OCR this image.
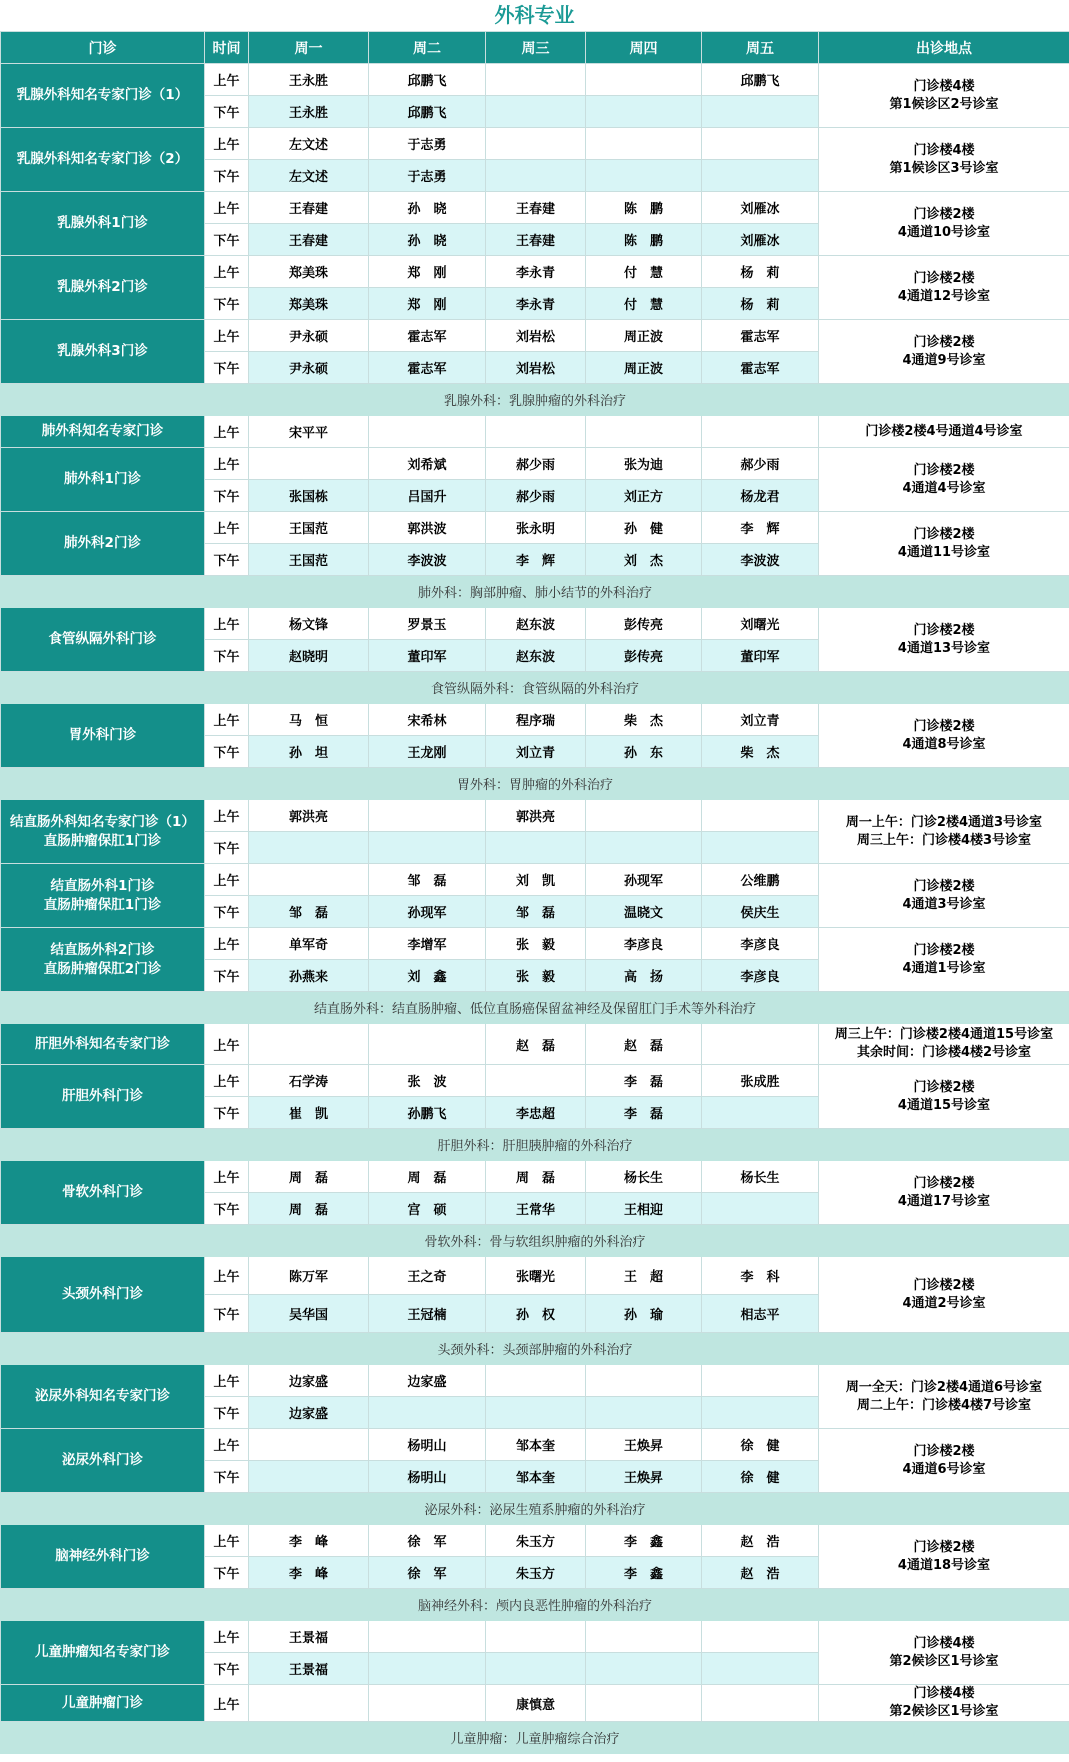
外科专业
门诊	时间	周一	周二	周三	周四	周五	出诊地点
乳腺外科知名专家门诊（1）	上午	王永胜	邱鹏飞			邱鹏飞	门诊楼4楼
第1候诊区2号诊室
	下午	王永胜	邱鹏飞				
乳腺外科知名专家门诊（2）	上午	左文述	于志勇				门诊楼4楼
第1候诊区3号诊室
	下午	左文述	于志勇				
乳腺外科1门诊	上午	王春建	孙　晓	王春建	陈　鹏	刘雁冰	门诊楼2楼
4通道10号诊室
	下午	王春建	孙　晓	王春建	陈　鹏	刘雁冰	
乳腺外科2门诊	上午	郑美珠	郑　刚	李永青	付　慧	杨　莉	门诊楼2楼
4通道12号诊室
	下午	郑美珠	郑　刚	李永青	付　慧	杨　莉	
乳腺外科3门诊	上午	尹永硕	霍志军	刘岩松	周正波	霍志军	门诊楼2楼
4通道9号诊室
	下午	尹永硕	霍志军	刘岩松	周正波	霍志军	
乳腺外科：乳腺肿瘤的外科治疗							
肺外科知名专家门诊	上午	宋平平					门诊楼2楼4号通道4号诊室
肺外科1门诊	上午		刘希斌	郝少雨	张为迪	郝少雨	门诊楼2楼
4通道4号诊室
	下午	张国栋	吕国升	郝少雨	刘正方	杨龙君	
肺外科2门诊	上午	王国范	郭洪波	张永明	孙　健	李　辉	门诊楼2楼
4通道11号诊室
	下午	王国范	李波波	李　辉	刘　杰	李波波	
肺外科：胸部肿瘤、肺小结节的外科治疗							
食管纵隔外科门诊	上午	杨文锋	罗景玉	赵东波	彭传亮	刘曙光	门诊楼2楼
4通道13号诊室
	下午	赵晓明	董印军	赵东波	彭传亮	董印军	
食管纵隔外科：食管纵隔的外科治疗							
胃外科门诊	上午	马　恒	宋希林	程序瑞	柴　杰	刘立青	门诊楼2楼
4通道8号诊室
	下午	孙　坦	王龙刚	刘立青	孙　东	柴　杰	
胃外科：胃肿瘤的外科治疗							
结直肠外科知名专家门诊（1）
直肠肿瘤保肛1门诊	上午	郭洪亮		郭洪亮			周一上午：门诊2楼4通道3号诊室
周三上午：门诊楼4楼3号诊室
	下午						
结直肠外科1门诊
直肠肿瘤保肛1门诊	上午		邹　磊	刘　凯	孙现军	公维鹏	门诊楼2楼
4通道3号诊室
	下午	邹　磊	孙现军	邹　磊	温晓文	侯庆生	
结直肠外科2门诊
直肠肿瘤保肛2门诊	上午	单军奇	李增军	张　毅	李彦良	李彦良	门诊楼2楼
4通道1号诊室
	下午	孙燕来	刘　鑫	张　毅	高　扬	李彦良	
结直肠外科：结直肠肿瘤、低位直肠癌保留盆神经及保留肛门手术等外科治疗							
肝胆外科知名专家门诊	上午			赵　磊	赵　磊		周三上午：门诊楼2楼4通道15号诊室
其余时间：门诊楼4楼2号诊室
肝胆外科门诊	上午	石学涛	张　波		李　磊	张成胜	门诊楼2楼
4通道15号诊室
	下午	崔　凯	孙鹏飞	李忠超	李　磊		
肝胆外科：肝胆胰肿瘤的外科治疗							
骨软外科门诊	上午	周　磊	周　磊	周　磊	杨长生	杨长生	门诊楼2楼
4通道17号诊室
	下午	周　磊	宫　硕	王常华	王相迎		
骨软外科：骨与软组织肿瘤的外科治疗							
头颈外科门诊	上午	陈万军	王之奇	张曙光	王　超	李　科	门诊楼2楼
4通道2号诊室
	下午	吴华国	王冠楠	孙　权	孙　瑜	相志平	
头颈外科：头颈部肿瘤的外科治疗							
泌尿外科知名专家门诊	上午	边家盛	边家盛				周一全天：门诊2楼4通道6号诊室
周二上午：门诊楼4楼7号诊室
	下午	边家盛					
泌尿外科门诊	上午		杨明山	邹本奎	王焕昇	徐　健	门诊楼2楼
4通道6号诊室
	下午		杨明山	邹本奎	王焕昇	徐　健	
泌尿外科：泌尿生殖系肿瘤的外科治疗							
脑神经外科门诊	上午	李　峰	徐　军	朱玉方	李　鑫	赵　浩	门诊楼2楼
4通道18号诊室
	下午	李　峰	徐　军	朱玉方	李　鑫	赵　浩	
脑神经外科：颅内良恶性肿瘤的外科治疗							
儿童肿瘤知名专家门诊	上午	王景福					门诊楼4楼
第2候诊区1号诊室
	下午	王景福					
儿童肿瘤门诊	上午			康慎意			门诊楼4楼
第2候诊区1号诊室
儿童肿瘤：儿童肿瘤综合治疗							
